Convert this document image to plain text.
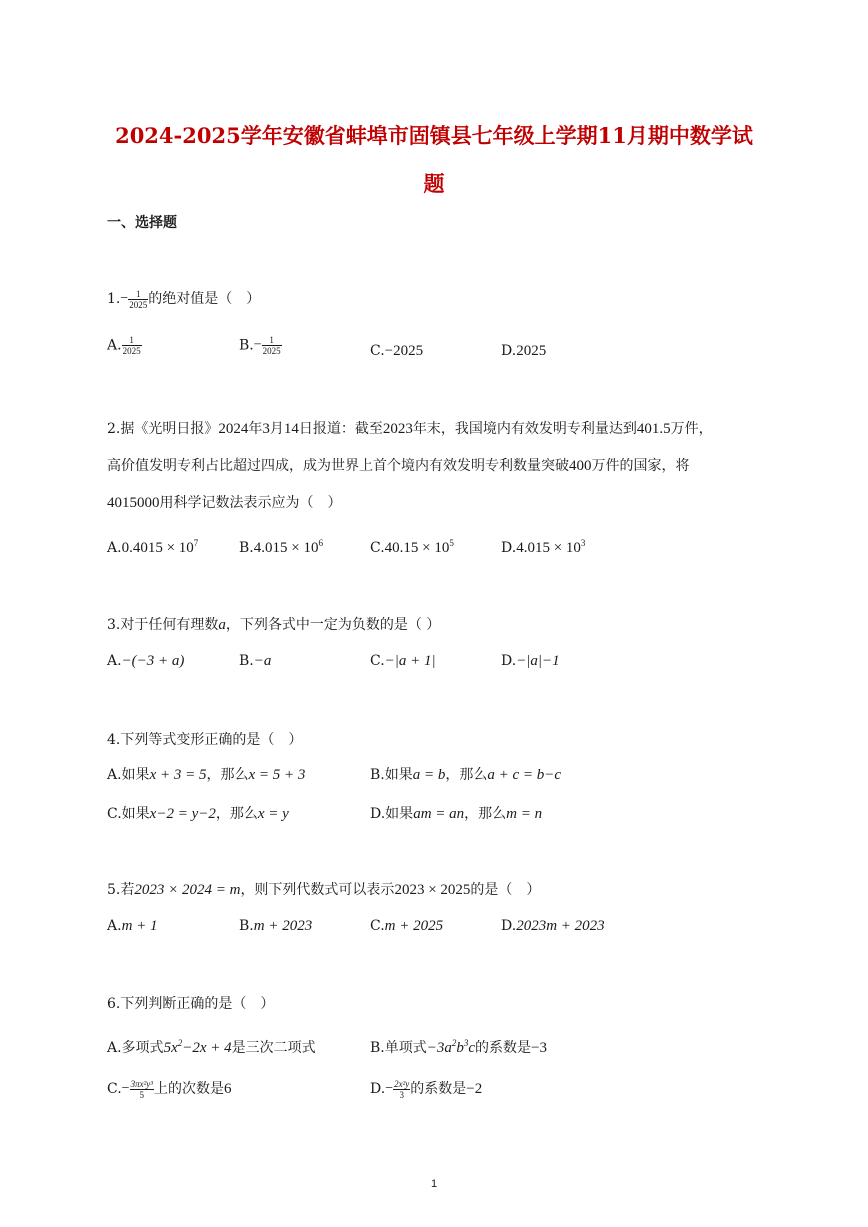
2024-2025学年安徽省蚌埠市固镇县七年级上学期11月期中数学试
题
一、选择题
$1.- \frac{1}{2025}$ 的绝对值是（　）
A. $\frac{1}{2025}$	$B.- \frac{1}{2025}$	C.−2025	D.2025
2.据《光明日报》2024年3月14日报道：截至2023年末，我国境内有效发明专利量达到401.5万件，
高价值发明专利占比超过四成，成为世界上首个境内有效发明专利数量突破400万件的国家，将
4015000用科学记数法表示应为（　）
$A.0.4015 \times 10^7$	$B.4.015 \times 10^6$	$C.40.15 \times 10^5$	$D.4.015 \times 10^3$
3.对于任何有理数a，下列各式中一定为负数的是（ ）
A.−(−3 + a)	B.−a	C.−|a + 1|	D.−|a|−1
4.下列等式变形正确的是（　）
A.如果x + 3 = 5，那么x = 5 + 3	B.如果a = b，那么a + c = b−c
C.如果x−2 = y−2，那么x = y	D.如果am = an，那么m = n
5.若2023 × 2024 = m，则下列代数式可以表示2023 × 2025的是（　）
A.m + 1	B.m + 2023	C.m + 2025	D.2023m + 2023
6.下列判断正确的是（　）
A.多项式$5x^2-2x + 4$是三次二项式	B.单项式$-3a^2b^3c$的系数是−3
$C.- \frac{\text{3πx²y³}}{5}$ 上的次数是6	$D.- \frac{\text{2x²y}}{3}$ 的系数是−2
1
